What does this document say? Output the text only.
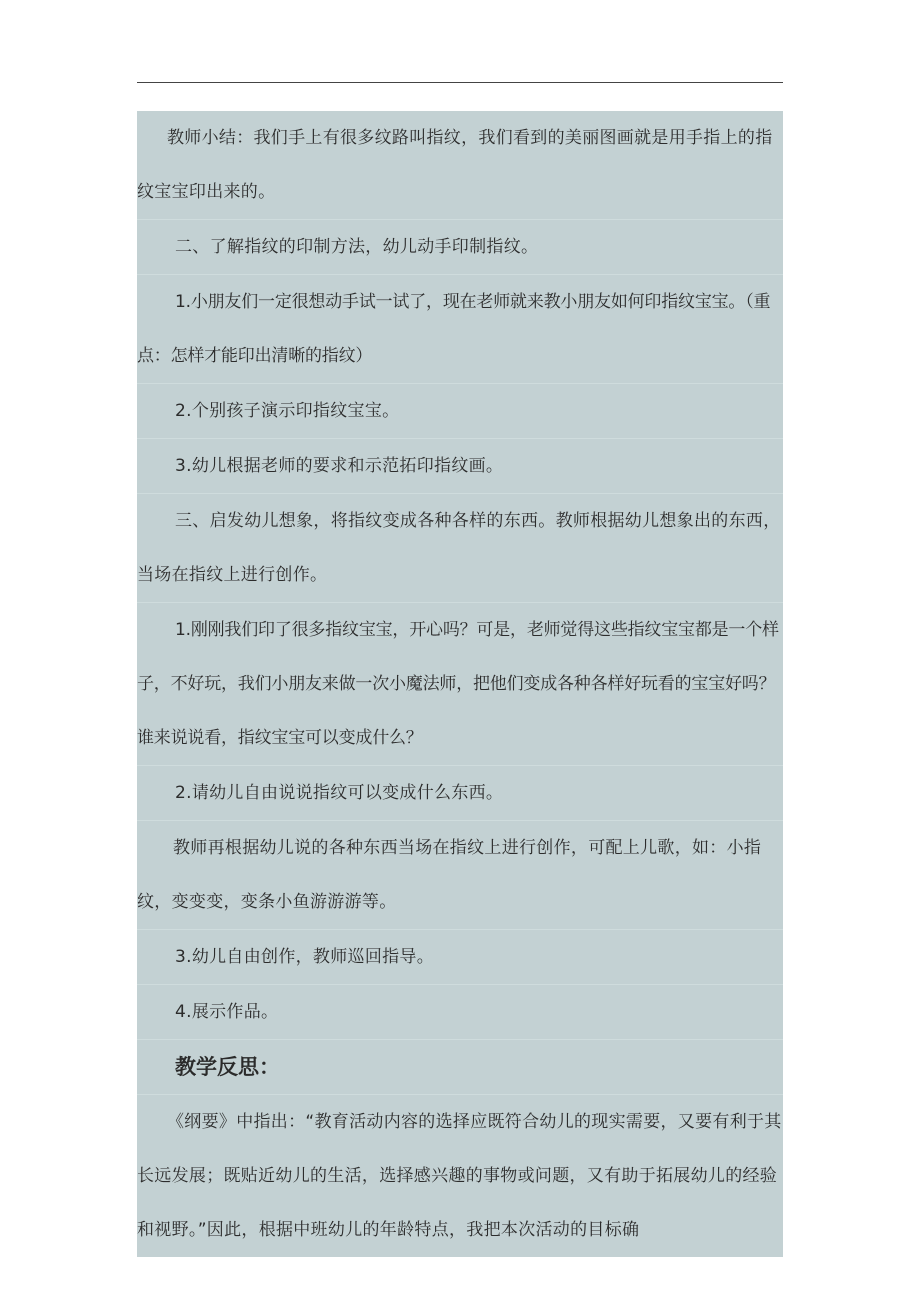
教师小结：我们手上有很多纹路叫指纹，我们看到的美丽图画就是用手指上的指纹宝宝印出来的。

二、了解指纹的印制方法，幼儿动手印制指纹。

1.小朋友们一定很想动手试一试了，现在老师就来教小朋友如何印指纹宝宝。（重点：怎样才能印出清晰的指纹）

2.个别孩子演示印指纹宝宝。

3.幼儿根据老师的要求和示范拓印指纹画。

三、启发幼儿想象，将指纹变成各种各样的东西。教师根据幼儿想象出的东西，当场在指纹上进行创作。

1.刚刚我们印了很多指纹宝宝，开心吗？可是，老师觉得这些指纹宝宝都是一个样子，不好玩，我们小朋友来做一次小魔法师，把他们变成各种各样好玩看的宝宝好吗？谁来说说看，指纹宝宝可以变成什么？

2.请幼儿自由说说指纹可以变成什么东西。

教师再根据幼儿说的各种东西当场在指纹上进行创作，可配上儿歌，如：小指纹，变变变，变条小鱼游游游等。

3.幼儿自由创作，教师巡回指导。

4.展示作品。

教学反思：

《纲要》中指出：“教育活动内容的选择应既符合幼儿的现实需要，又要有利于其长远发展；既贴近幼儿的生活，选择感兴趣的事物或问题，又有助于拓展幼儿的经验和视野。”因此，根据中班幼儿的年龄特点，我把本次活动的目标确
